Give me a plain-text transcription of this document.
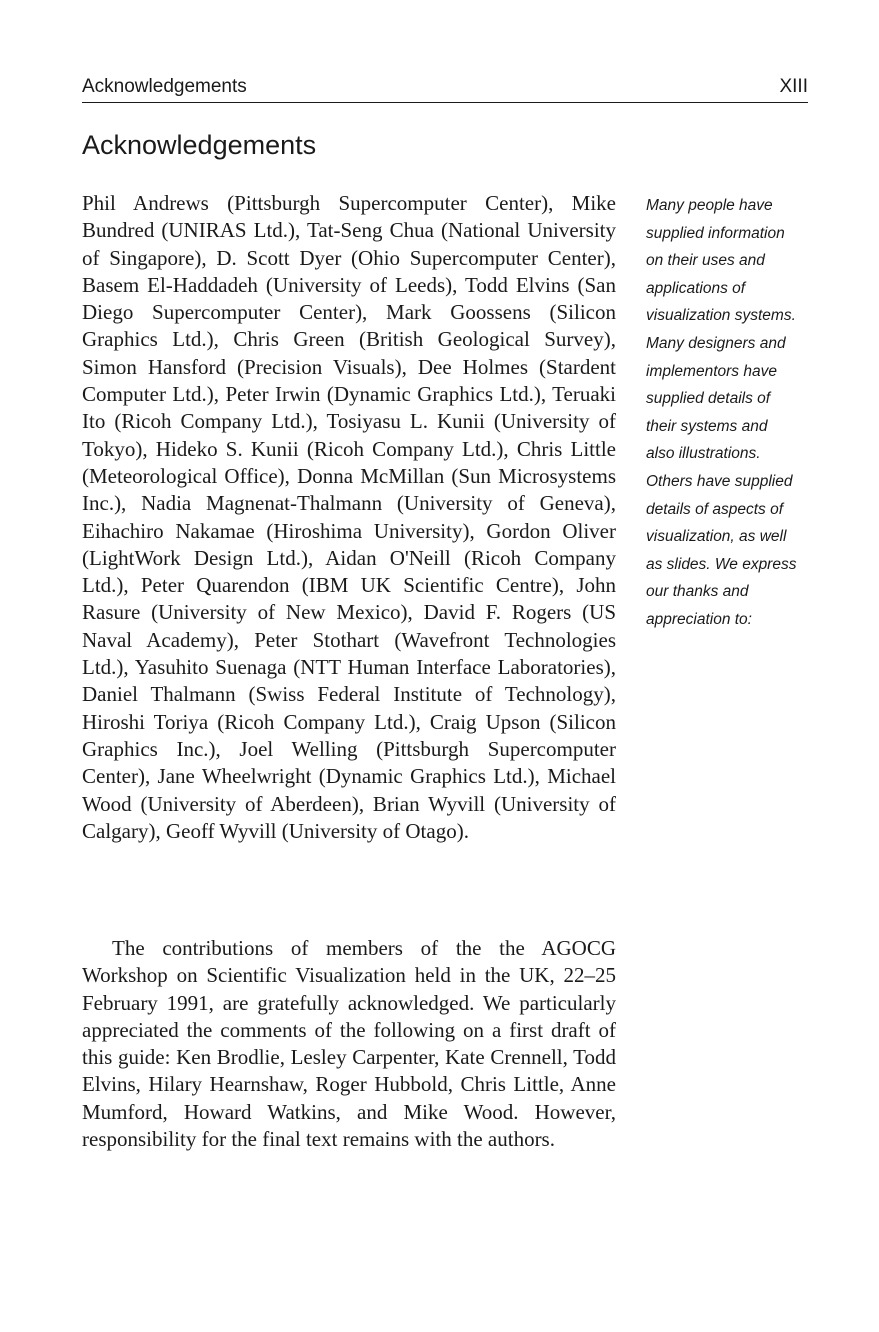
Acknowledgements	XIII
Acknowledgements

Phil Andrews (Pittsburgh Supercomputer Center), Mike Bundred (UNIRAS Ltd.), Tat-Seng Chua (National University of Singapore), D. Scott Dyer (Ohio Supercomputer Center), Basem El-Haddadeh (University of Leeds), Todd Elvins (San Diego Supercomputer Center), Mark Goossens (Silicon Graphics Ltd.), Chris Green (British Geological Survey), Simon Hansford (Precision Visuals), Dee Holmes (Stardent Computer Ltd.), Peter Irwin (Dynamic Graphics Ltd.), Teruaki Ito (Ricoh Company Ltd.), Tosiyasu L. Kunii (University of Tokyo), Hideko S. Kunii (Ricoh Company Ltd.), Chris Little (Meteorological Office), Donna McMillan (Sun Microsystems Inc.), Nadia Magnenat-Thalmann (University of Geneva), Eihachiro Nakamae (Hiroshima University), Gordon Oliver (LightWork Design Ltd.), Aidan O'Neill (Ricoh Company Ltd.), Peter Quarendon (IBM UK Scientific Centre), John Rasure (University of New Mexico), David F. Rogers (US Naval Academy), Peter Stothart (Wavefront Technologies Ltd.), Yasuhito Suenaga (NTT Human Interface Laboratories), Daniel Thalmann (Swiss Federal Institute of Technology), Hiroshi Toriya (Ricoh Company Ltd.), Craig Upson (Silicon Graphics Inc.), Joel Welling (Pittsburgh Supercomputer Center), Jane Wheelwright (Dynamic Graphics Ltd.), Michael Wood (University of Aberdeen), Brian Wyvill (University of Calgary), Geoff Wyvill (University of Otago).

Many people have supplied information on their uses and applications of visualization systems. Many designers and implementors have supplied details of their systems and also illustrations. Others have supplied details of aspects of visualization, as well as slides. We express our thanks and appreciation to:

The contributions of members of the the AGOCG Workshop on Scientific Visualization held in the UK, 22–25 February 1991, are gratefully acknowledged. We particularly appreciated the comments of the following on a first draft of this guide: Ken Brodlie, Lesley Carpenter, Kate Crennell, Todd Elvins, Hilary Hearnshaw, Roger Hubbold, Chris Little, Anne Mumford, Howard Watkins, and Mike Wood. However, responsibility for the final text remains with the authors.
